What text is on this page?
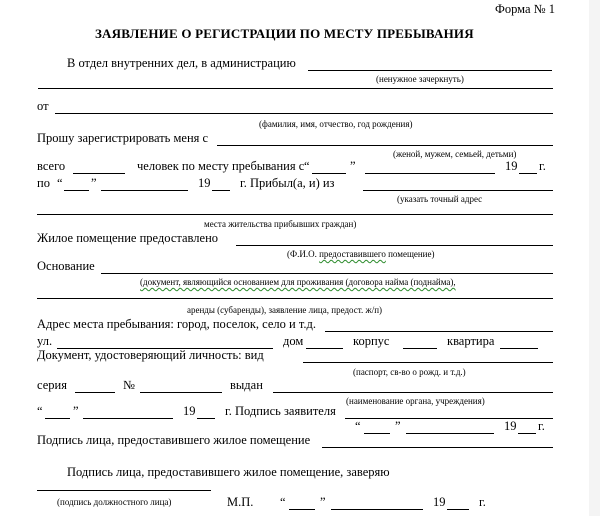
Форма № 1
ЗАЯВЛЕНИЕ О РЕГИСТРАЦИИ ПО МЕСТУ ПРЕБЫВАНИЯ
В отдел внутренних дел, в администрацию
(ненужное зачеркнуть)
от
(фамилия, имя, отчество, год рождения)
Прошу зарегистрировать меня с
(женой, мужем, семьей, детьми)
всего	человек по месту пребывания с “	”	19 г.
по “ ”	19 г. Прибыл(а, и) из
(указать точный адрес
места жительства прибывших граждан)
Жилое помещение предоставлено
(Ф.И.О. предоставившего помещение)
Основание
(документ, являющийся основанием для проживания (договора найма (поднайма),
аренды (субаренды), заявление лица, предост. ж/п)
Адрес места пребывания: город, поселок, село и т.д.
ул.	дом	корпус	квартира
Документ, удостоверяющий личность: вид
(паспорт, св-во о рожд. и т.д.)
серия	№	выдан
(наименование органа, учреждения)
“ ”	19 г. Подпись заявителя
Подпись лица, предоставившего жилое помещение
“	”	19 г.
Подпись лица, предоставившего жилое помещение, заверяю
(подпись должностного лица)	М.П. “	”	19	г.
